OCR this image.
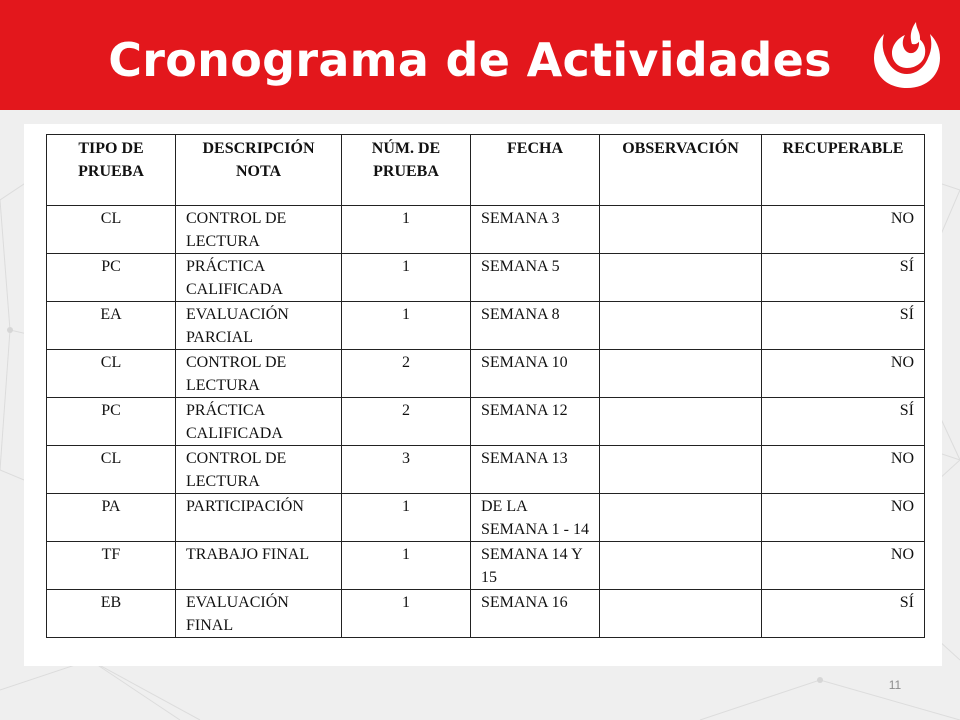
Cronograma de Actividades
TIPO DE PRUEBA	DESCRIPCIÓN NOTA	NÚM. DE PRUEBA	FECHA	OBSERVACIÓN	RECUPERABLE
CL	CONTROL DE LECTURA	1	SEMANA 3		NO
PC	PRÁCTICA CALIFICADA	1	SEMANA 5		SÍ
EA	EVALUACIÓN PARCIAL	1	SEMANA 8		SÍ
CL	CONTROL DE LECTURA	2	SEMANA 10		NO
PC	PRÁCTICA CALIFICADA	2	SEMANA 12		SÍ
CL	CONTROL DE LECTURA	3	SEMANA 13		NO
PA	PARTICIPACIÓN	1	DE LA SEMANA 1 - 14		NO
TF	TRABAJO FINAL	1	SEMANA 14 Y 15		NO
EB	EVALUACIÓN FINAL	1	SEMANA 16		SÍ
11
